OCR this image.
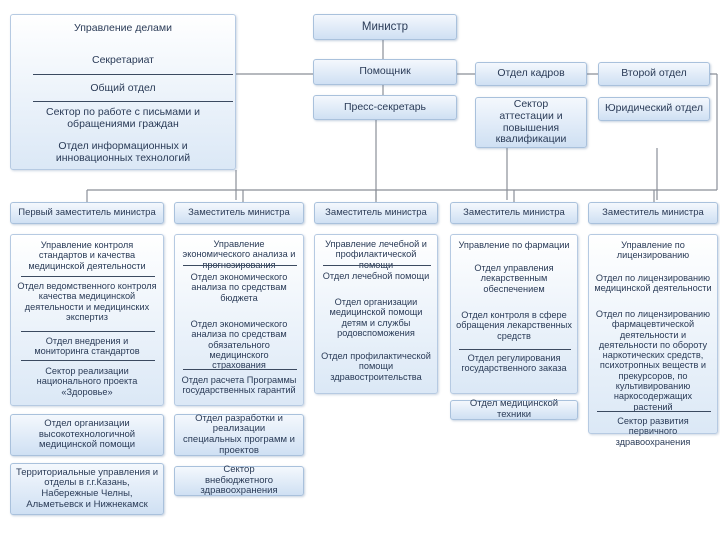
Управление делами
Секретариат
Общий отдел
Сектор по работе с письмами и обращениями граждан
Отдел информационных и инновационных технологий
Министр
Помощник
Пресс-секретарь
Отдел кадров	Второй отдел
Сектор аттестации и повышения квалификации
Юридический отдел
Первый заместитель министра	Заместитель министра	Заместитель министра	Заместитель министра	Заместитель министра
Управление контроля стандартов и качества медицинской деятельности
Отдел ведомственного контроля качества медицинской деятельности и медицинских экспертиз
Отдел внедрения и мониторинга стандартов
Сектор реализации национального проекта «Здоровье»
Отдел организации высокотехнологичной медицинской помощи
Территориальные управления и отделы в г.г.Казань, Набережные Челны, Альметьевск и Нижнекамск
Управление экономического анализа и прогнозирования
Отдел экономического анализа по средствам бюджета
Отдел экономического анализа по средствам обязательного медицинского страхования
Отдел расчета Программы государственных гарантий
Отдел разработки и реализации специальных программ и проектов
Сектор внебюджетного здравоохранения
Управление лечебной и профилактической помощи
Отдел лечебной помощи
Отдел организации медицинской помощи детям и службы родовспоможения
Отдел профилактической помощи здравостроительства
Управление по фармации
Отдел управления лекарственным обеспечением
Отдел контроля в сфере обращения лекарственных средств
Отдел регулирования государственного заказа
Отдел медицинской техники
Управление по лицензированию
Отдел по лицензированию медицинской деятельности
Отдел по лицензированию фармацевтической деятельности и деятельности по обороту наркотических средств, психотропных веществ и прекурсоров, по культивированию наркосодержащих растений
Сектор развития первичного здравоохранения
